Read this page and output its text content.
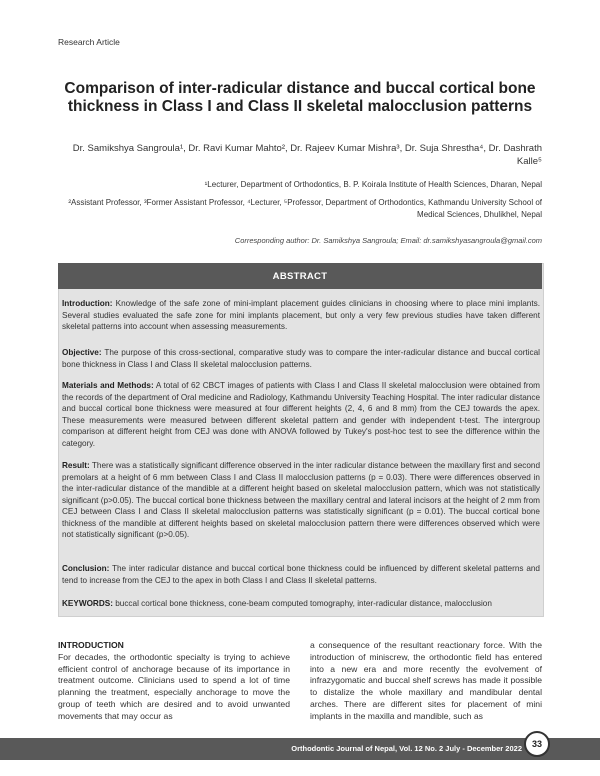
Research Article
Comparison of inter-radicular distance and buccal cortical bone thickness in Class I and Class II skeletal malocclusion patterns
Dr. Samikshya Sangroula¹, Dr. Ravi Kumar Mahto², Dr. Rajeev Kumar Mishra³, Dr. Suja Shrestha⁴, Dr. Dashrath Kalle⁵
¹Lecturer, Department of Orthodontics, B. P. Koirala Institute of Health Sciences, Dharan, Nepal
²Assistant Professor, ³Former Assistant Professor, ⁴Lecturer, ⁵Professor, Department of Orthodontics, Kathmandu University School of Medical Sciences, Dhulikhel, Nepal
Corresponding author: Dr. Samikshya Sangroula; Email: dr.samikshyasangroula@gmail.com
ABSTRACT
Introduction: Knowledge of the safe zone of mini-implant placement guides clinicians in choosing where to place mini implants. Several studies evaluated the safe zone for mini implants placement, but only a very few previous studies have taken different skeletal patterns into account when assessing measurements.
Objective: The purpose of this cross-sectional, comparative study was to compare the inter-radicular distance and buccal cortical bone thickness in Class I and Class II skeletal malocclusion patterns.
Materials and Methods: A total of 62 CBCT images of patients with Class I and Class II skeletal malocclusion were obtained from the records of the department of Oral medicine and Radiology, Kathmandu University Teaching Hospital. The inter radicular distance and buccal cortical bone thickness were measured at four different heights (2, 4, 6 and 8 mm) from the CEJ towards the apex. These measurements were measured between different skeletal pattern and gender with independent t-test. The intergroup comparison at different height from CEJ was done with ANOVA followed by Tukey's post-hoc test to see the difference within the category.
Result: There was a statistically significant difference observed in the inter radicular distance between the maxillary first and second premolars at a height of 6 mm between Class I and Class II malocclusion patterns (p = 0.03). There were differences observed in the inter-radicular distance of the mandible at a different height based on skeletal malocclusion pattern, which was not statistically significant (p>0.05). The buccal cortical bone thickness between the maxillary central and lateral incisors at the height of 2 mm from CEJ between Class I and Class II skeletal malocclusion patterns was statistically significant (p = 0.01). The buccal cortical bone thickness of the mandible at different heights based on skeletal malocclusion pattern there were differences observed which were not statistically significant (p>0.05).
Conclusion: The inter radicular distance and buccal cortical bone thickness could be influenced by different skeletal patterns and tend to increase from the CEJ to the apex in both Class I and Class II skeletal patterns.
KEYWORDS: buccal cortical bone thickness, cone-beam computed tomography, inter-radicular distance, malocclusion
INTRODUCTION
For decades, the orthodontic specialty is trying to achieve efficient control of anchorage because of its importance in treatment outcome. Clinicians used to spend a lot of time planning the treatment, especially anchorage to move the group of teeth which are desired and to avoid unwanted movements that may occur as
a consequence of the resultant reactionary force. With the introduction of miniscrew, the orthodontic field has entered into a new era and more recently the evolvement of infrazygomatic and buccal shelf screws has made it possible to distalize the whole maxillary and mandibular dental arches. There are different sites for placement of mini implants in the maxilla and mandible, such as
Orthodontic Journal of Nepal, Vol. 12 No. 2 July - December 2022	33
